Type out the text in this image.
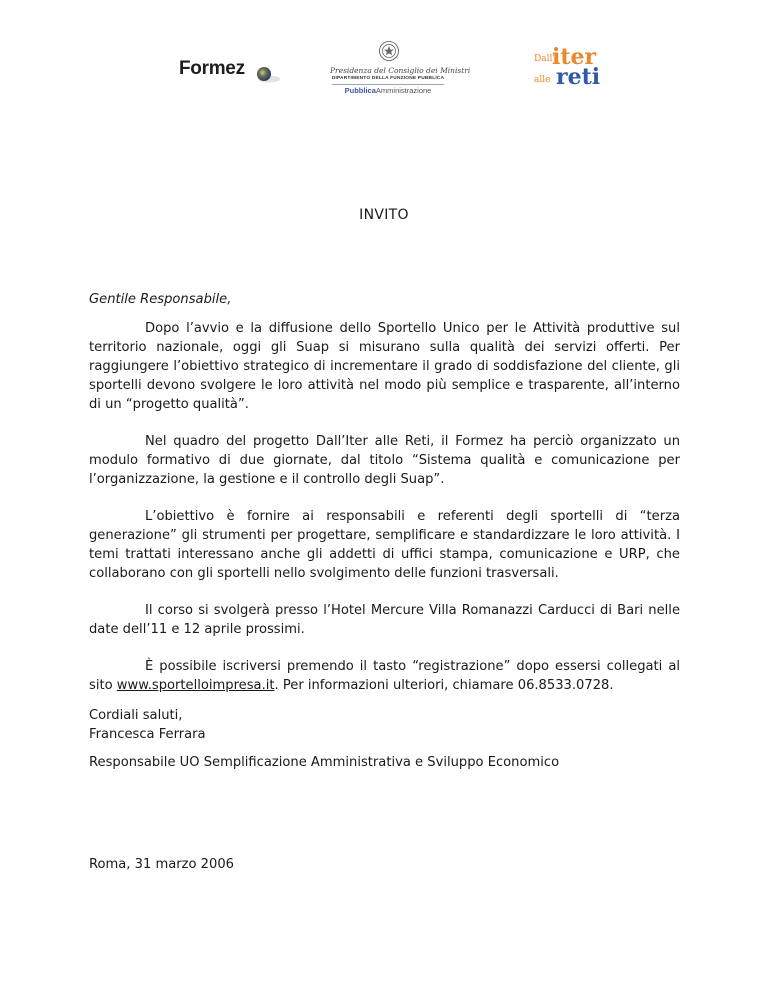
Formez	Presidenza del Consiglio dei Ministri
DIPARTIMENTO DELLA FUNZIONE PUBBLICA
PubblicaAmministrazione
Dall'
iter
alle reti
INVITO

Gentile Responsabile,

Dopo l’avvio e la diffusione dello Sportello Unico per le Attività produttive sul territorio nazionale, oggi gli Suap si misurano sulla qualità dei servizi offerti. Per raggiungere l’obiettivo strategico di incrementare il grado di soddisfazione del cliente, gli sportelli devono svolgere le loro attività nel modo più semplice e trasparente, all’interno di un “progetto qualità”.

Nel quadro del progetto Dall’Iter alle Reti, il Formez ha perciò organizzato un modulo formativo di due giornate, dal titolo “Sistema qualità e comunicazione per l’organizzazione, la gestione e il controllo degli Suap”.

L’obiettivo è fornire ai responsabili e referenti degli sportelli di “terza generazione” gli strumenti per progettare, semplificare e standardizzare le loro attività. I temi trattati interessano anche gli addetti di uffici stampa, comunicazione e URP, che collaborano con gli sportelli nello svolgimento delle funzioni trasversali.

Il corso si svolgerà presso l’Hotel Mercure Villa Romanazzi Carducci di Bari nelle date dell’11 e 12 aprile prossimi.

È possibile iscriversi premendo il tasto “registrazione” dopo essersi collegati al sito www.sportelloimpresa.it. Per informazioni ulteriori, chiamare 06.8533.0728.

Cordiali saluti,
Francesca Ferrara
Responsabile UO Semplificazione Amministrativa e Sviluppo Economico
Roma, 31 marzo 2006
